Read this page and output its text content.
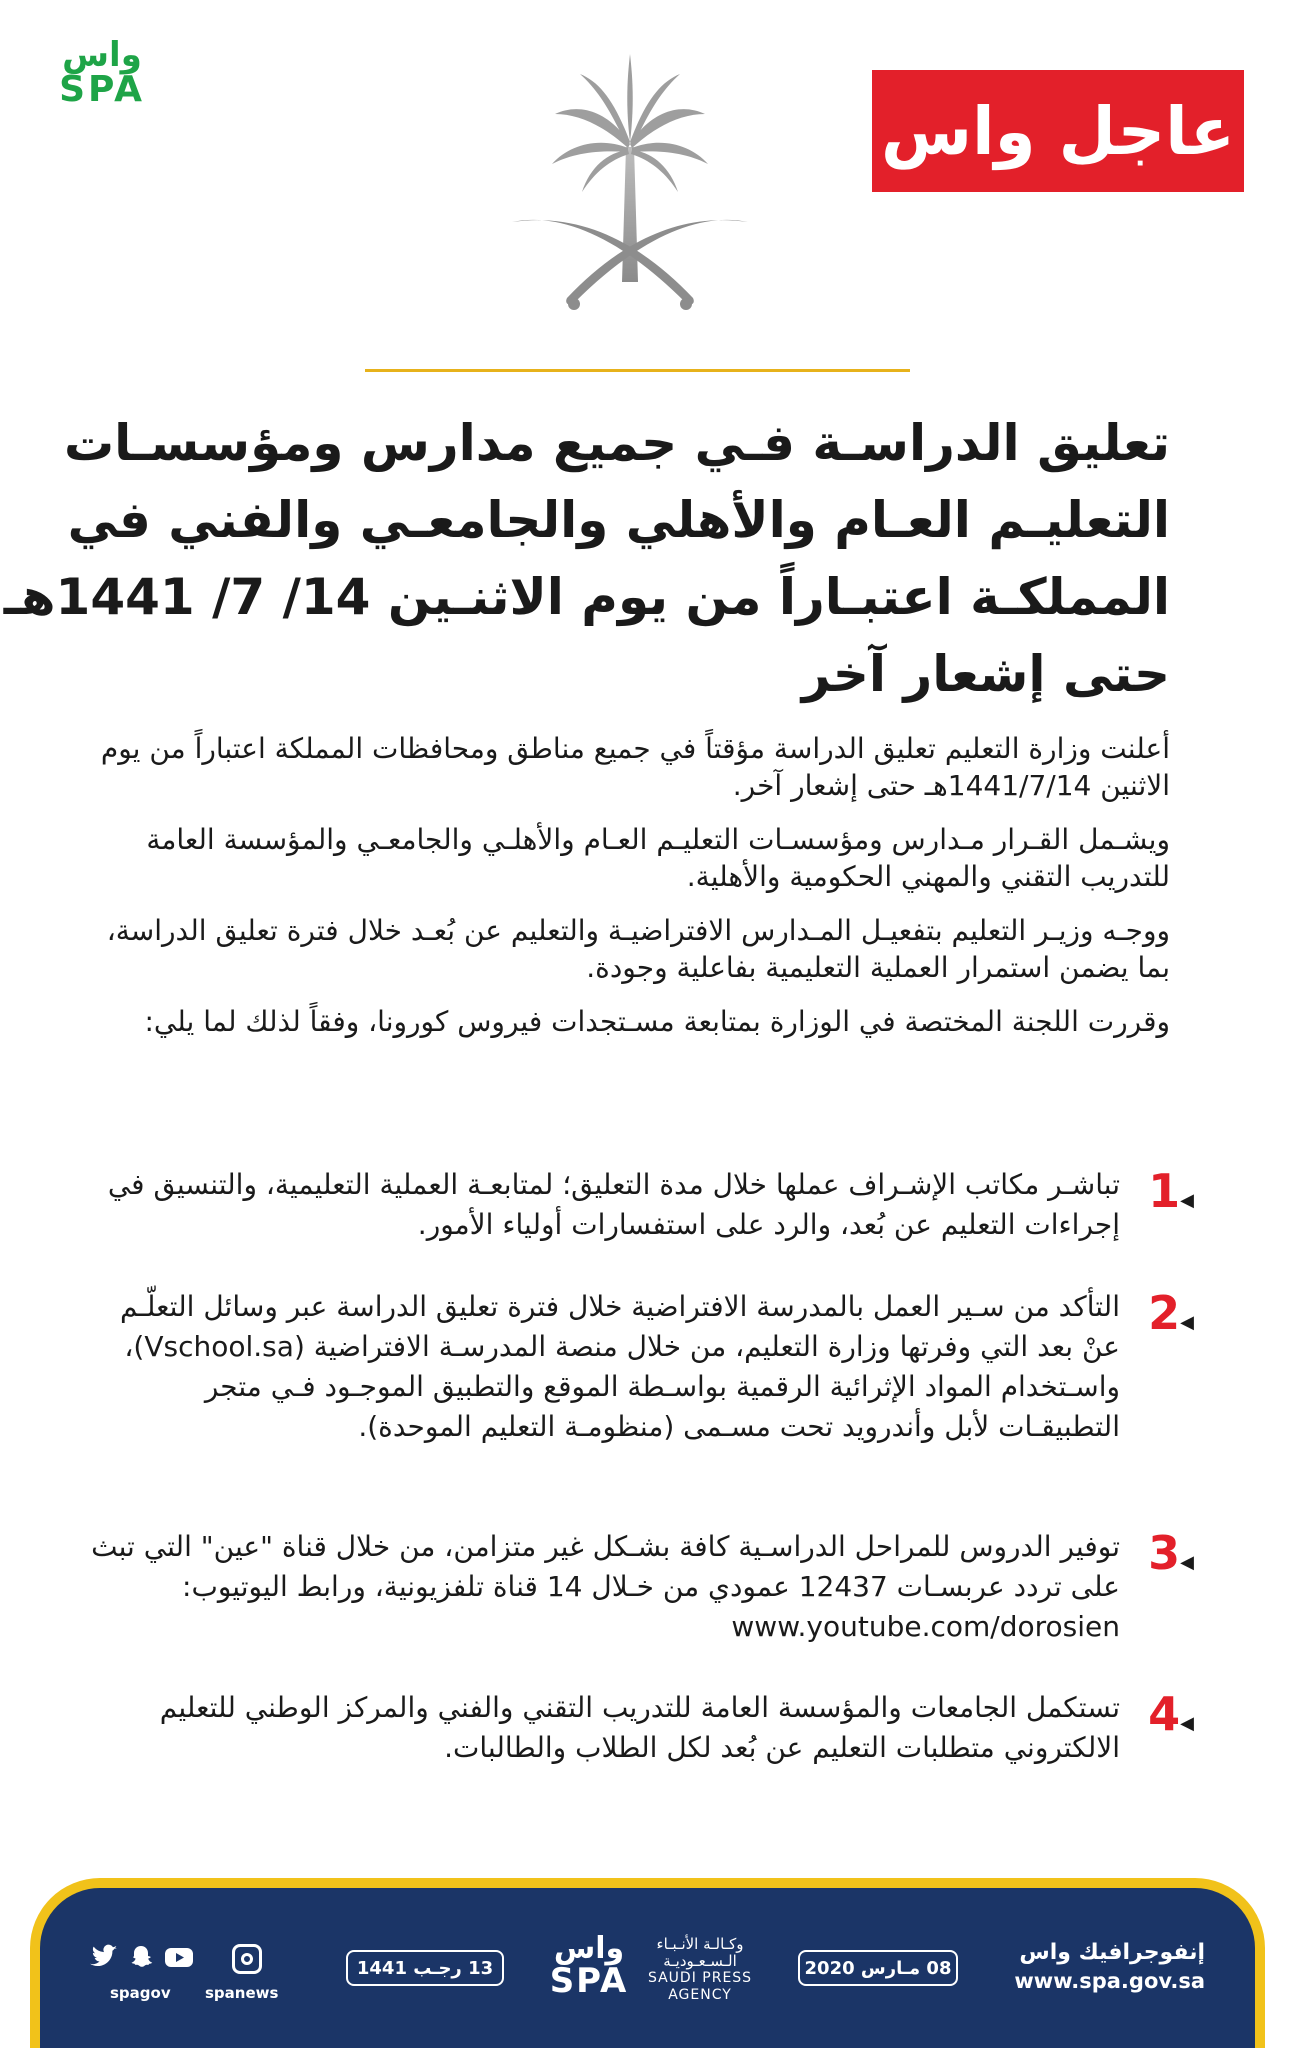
واس
SPA
عاجل واس
تعليق الدراسـة فـي جميع مدارس ومؤسسـات
التعليـم العـام والأهلي والجامعـي والفني في
المملكـة اعتبـاراً من يوم الاثنـين 14/ 7/ 1441هـ
حتى إشعار آخر

أعلنت وزارة التعليم تعليق الدراسة مؤقتاً في جميع مناطق ومحافظات المملكة اعتباراً من يوم الاثنين 1441/7/14هـ حتى إشعار آخر.

ويشـمل القـرار مـدارس ومؤسسـات التعليـم العـام والأهلـي والجامعـي والمؤسسة العامة للتدريب التقني والمهني الحكومية والأهلية.

ووجـه وزيـر التعليم بتفعيـل المـدارس الافتراضيـة والتعليم عن بُعـد خلال فترة تعليق الدراسة، بما يضمن استمرار العملية التعليمية بفاعلية وجودة.

وقررت اللجنة المختصة في الوزارة بمتابعة مسـتجدات فيروس كورونا، وفقاً لذلك لما يلي:

◀
1
تباشـر مكاتب الإشـراف عملها خلال مدة التعليق؛ لمتابعـة العملية التعليمية، والتنسيق في إجراءات التعليم عن بُعد، والرد على استفسارات أولياء الأمور.
◀
2
التأكد من سـير العمل بالمدرسة الافتراضية خلال فترة تعليق الدراسة عبر وسائل التعلّـم عنْ بعد التي وفرتها وزارة التعليم، من خلال منصة المدرسـة الافتراضية (Vschool.sa)، واسـتخدام المواد الإثرائية الرقمية بواسـطة الموقع والتطبيق الموجـود فـي متجر التطبيقـات لأبل وأندرويد تحت مسـمى (منظومـة التعليم الموحدة).
◀
3
توفير الدروس للمراحل الدراسـية كافة بشـكل غير متزامن، من خلال قناة "عين" التي تبث على تردد عربسـات 12437 عمودي من خـلال 14 قناة تلفزيونية، ورابط اليوتيوب: www.youtube.com/dorosien
◀
4
تستكمل الجامعات والمؤسسة العامة للتدريب التقني والفني والمركز الوطني للتعليم الالكتروني متطلبات التعليم عن بُعد لكل الطلاب والطالبات.
spagov spanews
13 رجـب 1441
واس
SPA
وكـالـة الأنـبـاء
الـسـعـوديـة
SAUDI PRESS
AGENCY
08 مـارس 2020
إنفوجرافيك واس
www.spa.gov.sa
